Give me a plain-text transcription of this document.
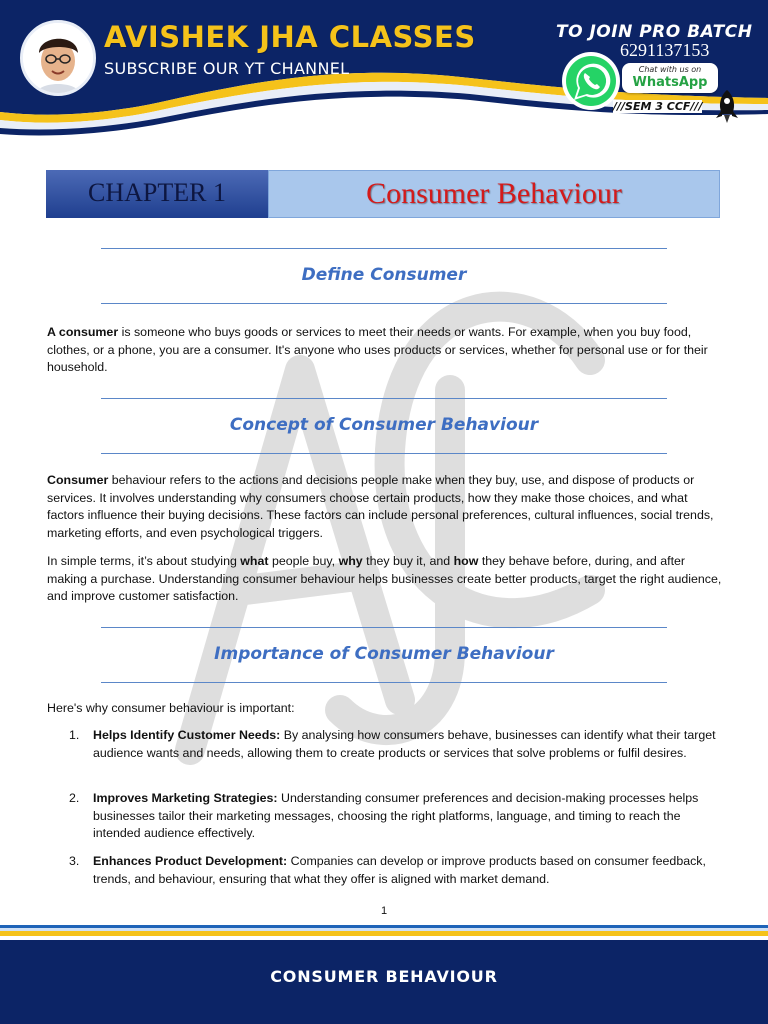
AVISHEK JHA CLASSES
SUBSCRIBE OUR YT CHANNEL
TO JOIN PRO BATCH
6291137153
Chat with us on
WhatsApp
///SEM 3 CCF///
CHAPTER 1	Consumer Behaviour
Define Consumer
A consumer is someone who buys goods or services to meet their needs or wants. For example, when you buy food, clothes, or a phone, you are a consumer. It's anyone who uses products or services, whether for personal use or for their household.
Concept of Consumer Behaviour
Consumer behaviour refers to the actions and decisions people make when they buy, use, and dispose of products or services. It involves understanding why consumers choose certain products, how they make those choices, and what factors influence their buying decisions. These factors can include personal preferences, cultural influences, social trends, marketing efforts, and even psychological triggers.
In simple terms, it’s about studying what people buy, why they buy it, and how they behave before, during, and after making a purchase. Understanding consumer behaviour helps businesses create better products, target the right audience, and improve customer satisfaction.
Importance of Consumer Behaviour
Here's why consumer behaviour is important:
1.	Helps Identify Customer Needs: By analysing how consumers behave, businesses can identify what their target audience wants and needs, allowing them to create products or services that solve problems or fulfil desires.
2.	Improves Marketing Strategies: Understanding consumer preferences and decision-making processes helps businesses tailor their marketing messages, choosing the right platforms, language, and timing to reach the intended audience effectively.
3.	Enhances Product Development: Companies can develop or improve products based on consumer feedback, trends, and behaviour, ensuring that what they offer is aligned with market demand.
1
CONSUMER BEHAVIOUR
